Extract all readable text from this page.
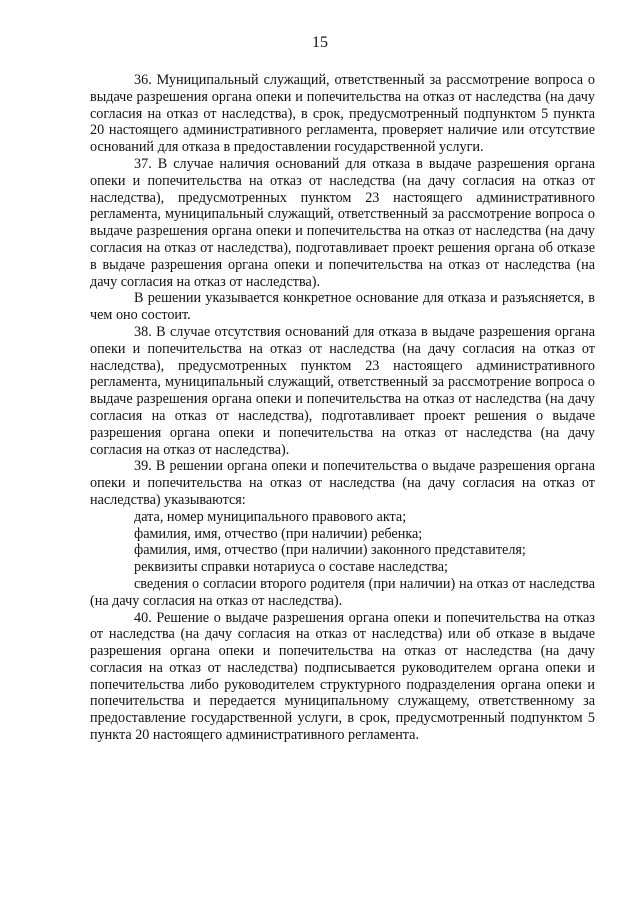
15

36. Муниципальный служащий, ответственный за рассмотрение вопроса о выдаче разрешения органа опеки и попечительства на отказ от наследства (на дачу согласия на отказ от наследства), в срок, предусмотренный подпунктом 5 пункта 20 настоящего административного регламента, проверяет наличие или отсутствие оснований для отказа в предоставлении государственной услуги.

37. В случае наличия оснований для отказа в выдаче разрешения органа опеки и попечительства на отказ от наследства (на дачу согласия на отказ от наследства), предусмотренных пунктом 23 настоящего административного регламента, муниципальный служащий, ответственный за рассмотрение вопроса о выдаче разрешения органа опеки и попечительства на отказ от наследства (на дачу согласия на отказ от наследства), подготавливает проект решения органа об отказе в выдаче разрешения органа опеки и попечительства на отказ от наследства (на дачу согласия на отказ от наследства).

В решении указывается конкретное основание для отказа и разъясняется, в чем оно состоит.

38. В случае отсутствия оснований для отказа в выдаче разрешения органа опеки и попечительства на отказ от наследства (на дачу согласия на отказ от наследства), предусмотренных пунктом 23 настоящего административного регламента, муниципальный служащий, ответственный за рассмотрение вопроса о выдаче разрешения органа опеки и попечительства на отказ от наследства (на дачу согласия на отказ от наследства), подготавливает проект решения о выдаче разрешения органа опеки и попечительства на отказ от наследства (на дачу согласия на отказ от наследства).

39. В решении органа опеки и попечительства о выдаче разрешения органа опеки и попечительства на отказ от наследства (на дачу согласия на отказ от наследства) указываются:

дата, номер муниципального правового акта;

фамилия, имя, отчество (при наличии) ребенка;

фамилия, имя, отчество (при наличии) законного представителя;

реквизиты справки нотариуса о составе наследства;

сведения о согласии второго родителя (при наличии) на отказ от наследства (на дачу согласия на отказ от наследства).

40. Решение о выдаче разрешения органа опеки и попечительства на отказ от наследства (на дачу согласия на отказ от наследства) или об отказе в выдаче разрешения органа опеки и попечительства на отказ от наследства (на дачу согласия на отказ от наследства) подписывается руководителем органа опеки и попечительства либо руководителем структурного подразделения органа опеки и попечительства и передается муниципальному служащему, ответственному за предоставление государственной услуги, в срок, предусмотренный подпунктом 5 пункта 20 настоящего административного регламента.
